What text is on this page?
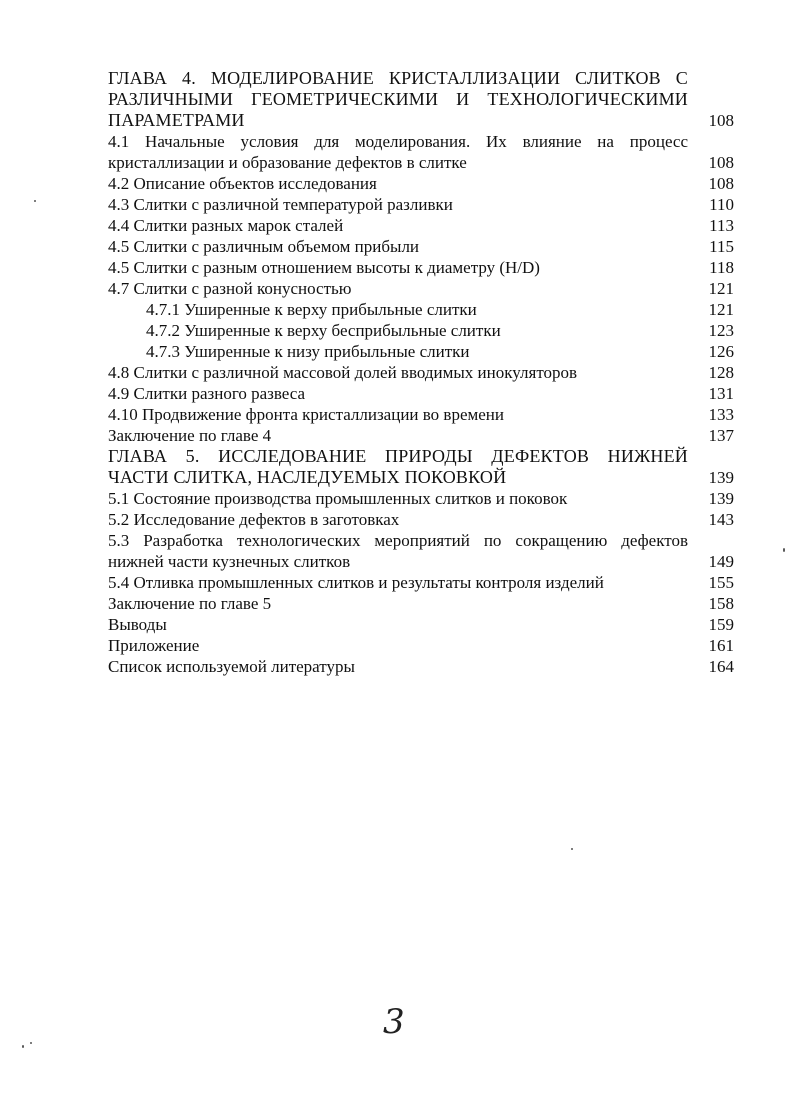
ГЛАВА 4. МОДЕЛИРОВАНИЕ КРИСТАЛЛИЗАЦИИ СЛИТКОВ С РАЗЛИЧНЫМИ ГЕОМЕТРИЧЕСКИМИ И ТЕХНОЛОГИЧЕСКИМИ
ПАРАМЕТРАМИ	108
4.1 Начальные условия для моделирования. Их влияние на процесс кристаллизации и образование дефектов в слитке	108
4.2 Описание объектов исследования	108
4.3 Слитки с различной температурой разливки	110
4.4 Слитки разных марок сталей	113
4.5 Слитки с различным объемом прибыли	115
4.5 Слитки с разным отношением высоты к диаметру (H/D)	118
4.7 Слитки с разной конусностью	121
4.7.1 Уширенные к верху прибыльные слитки	121
4.7.2 Уширенные к верху бесприбыльные слитки	123
4.7.3 Уширенные к низу прибыльные слитки	126
4.8 Слитки с различной массовой долей вводимых инокуляторов	128
4.9 Слитки разного развеса	131
4.10 Продвижение фронта кристаллизации во времени	133
Заключение по главе 4	137
ГЛАВА 5. ИССЛЕДОВАНИЕ ПРИРОДЫ ДЕФЕКТОВ НИЖНЕЙ
ЧАСТИ СЛИТКА, НАСЛЕДУЕМЫХ ПОКОВКОЙ	139
5.1 Состояние производства промышленных слитков и поковок	139
5.2 Исследование дефектов в заготовках	143
5.3 Разработка технологических мероприятий по сокращению дефектов нижней части кузнечных слитков	149
5.4 Отливка промышленных слитков и результаты контроля изделий	155
Заключение по главе 5	158
Выводы	159
Приложение	161
Список используемой литературы	164
3
